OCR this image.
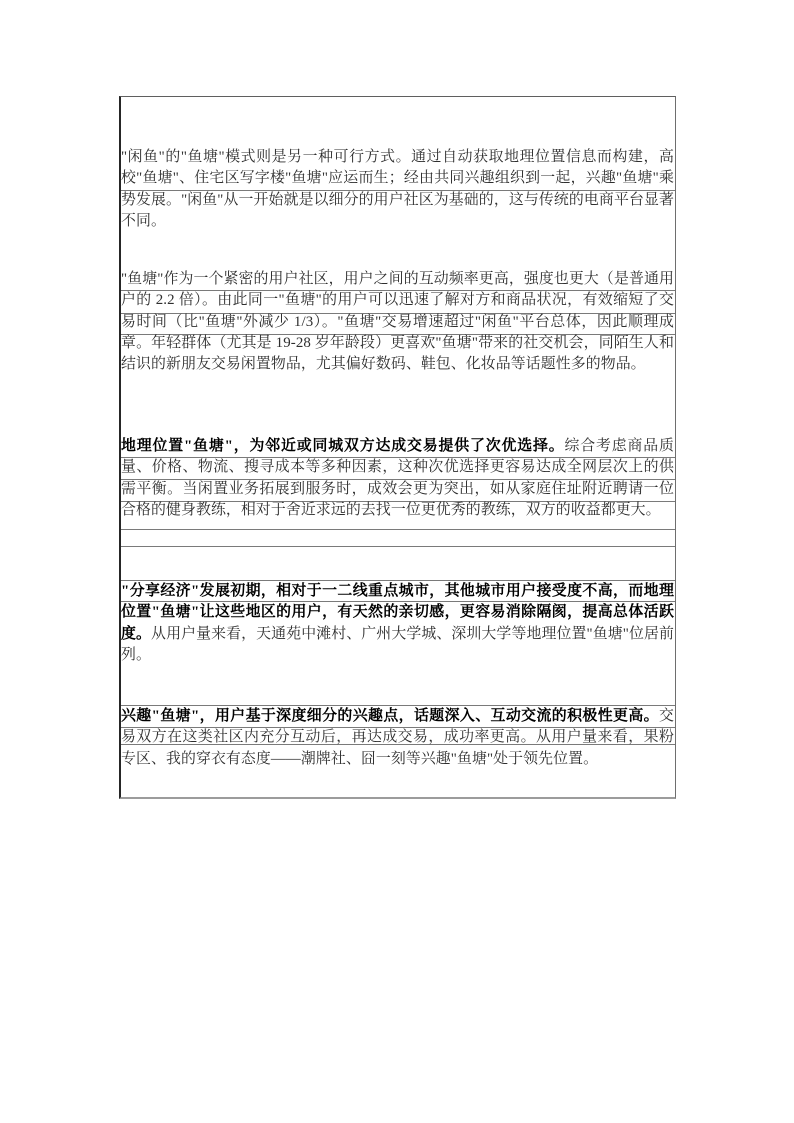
"闲鱼"的"鱼塘"模式则是另一种可行方式。通过自动获取地理位置信息而构建，高校"鱼塘"、住宅区写字楼"鱼塘"应运而生；经由共同兴趣组织到一起，兴趣"鱼塘"乘势发展。"闲鱼"从一开始就是以细分的用户社区为基础的，这与传统的电商平台显著不同。
"鱼塘"作为一个紧密的用户社区，用户之间的互动频率更高，强度也更大（是普通用户的 2.2 倍）。由此同一"鱼塘"的用户可以迅速了解对方和商品状况，有效缩短了交易时间（比"鱼塘"外减少 1/3）。"鱼塘"交易增速超过"闲鱼"平台总体，因此顺理成章。年轻群体（尤其是 19-28 岁年龄段）更喜欢"鱼塘"带来的社交机会，同陌生人和结识的新朋友交易闲置物品，尤其偏好数码、鞋包、化妆品等话题性多的物品。
地理位置"鱼塘"，为邻近或同城双方达成交易提供了次优选择。综合考虑商品质量、价格、物流、搜寻成本等多种因素，这种次优选择更容易达成全网层次上的供需平衡。当闲置业务拓展到服务时，成效会更为突出，如从家庭住址附近聘请一位合格的健身教练，相对于舍近求远的去找一位更优秀的教练，双方的收益都更大。
"分享经济"发展初期，相对于一二线重点城市，其他城市用户接受度不高，而地理位置"鱼塘"让这些地区的用户，有天然的亲切感，更容易消除隔阂，提高总体活跃度。从用户量来看，天通苑中滩村、广州大学城、深圳大学等地理位置"鱼塘"位居前列。
兴趣"鱼塘"，用户基于深度细分的兴趣点，话题深入、互动交流的积极性更高。交易双方在这类社区内充分互动后，再达成交易，成功率更高。从用户量来看，果粉专区、我的穿衣有态度——潮牌社、囧一刻等兴趣"鱼塘"处于领先位置。
